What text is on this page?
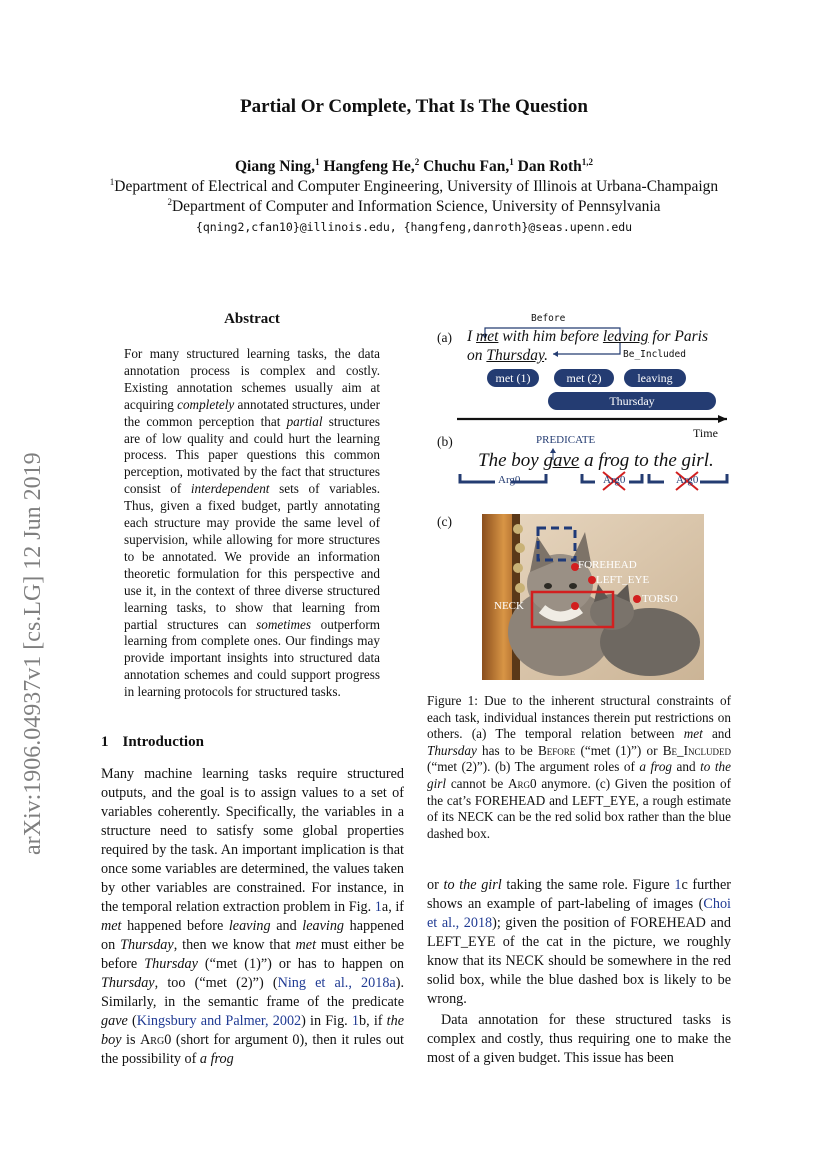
Partial Or Complete, That Is The Question
Qiang Ning,$^1$ Hangfeng He,$^2$ Chuchu Fan,$^1$ Dan Roth$^{1,2}$
$^1$Department of Electrical and Computer Engineering, University of Illinois at Urbana-Champaign
$^2$Department of Computer and Information Science, University of Pennsylvania
{qning2,cfan10}@illinois.edu, {hangfeng,danroth}@seas.upenn.edu
arXiv:1906.04937v1 [cs.LG] 12 Jun 2019
Abstract
For many structured learning tasks, the data annotation process is complex and costly. Existing annotation schemes usually aim at acquiring completely annotated structures, under the common perception that partial structures are of low quality and could hurt the learning process. This paper questions this common perception, motivated by the fact that structures consist of interdependent sets of variables. Thus, given a fixed budget, partly annotating each structure may provide the same level of supervision, while allowing for more structures to be annotated. We provide an information theoretic formulation for this perspective and use it, in the context of three diverse structured learning tasks, to show that learning from partial structures can sometimes outperform learning from complete ones. Our findings may provide important insights into structured data annotation schemes and could support progress in learning protocols for structured tasks.
1 Introduction
Many machine learning tasks require structured outputs, and the goal is to assign values to a set of variables coherently. Specifically, the variables in a structure need to satisfy some global properties required by the task. An important implication is that once some variables are determined, the values taken by other variables are constrained. For instance, in the temporal relation extraction problem in Fig. 1a, if met happened before leaving and leaving happened on Thursday, then we know that met must either be before Thursday (“met (1)”) or has to happen on Thursday, too (“met (2)”) (Ning et al., 2018a). Similarly, in the semantic frame of the predicate gave (Kingsbury and Palmer, 2002) in Fig. 1b, if the boy is Arg0 (short for argument 0), then it rules out the possibility of a frog
Before
(a) I met with him before leaving for Paris
on Thursday.	Be_Included
met (1)	met (2)	leaving
Thursday
Time
(b)	PREDICATE
The boy gave a frog to the girl.
Arg0	Arg0	Arg0
(c)
FOREHEAD
LEFT_EYE
TORSO
NECK
Figure 1: Due to the inherent structural constraints of each task, individual instances therein put restrictions on others. (a) The temporal relation between met and Thursday has to be Before (“met (1)”) or Be_Included (“met (2)”). (b) The argument roles of a frog and to the girl cannot be Arg0 anymore. (c) Given the position of the cat’s FOREHEAD and LEFT_EYE, a rough estimate of its NECK can be the red solid box rather than the blue dashed box.
or to the girl taking the same role. Figure 1c further shows an example of part-labeling of images (Choi et al., 2018); given the position of FOREHEAD and LEFT_EYE of the cat in the picture, we roughly know that its NECK should be somewhere in the red solid box, while the blue dashed box is likely to be wrong.
Data annotation for these structured tasks is complex and costly, thus requiring one to make the most of a given budget. This issue has been
